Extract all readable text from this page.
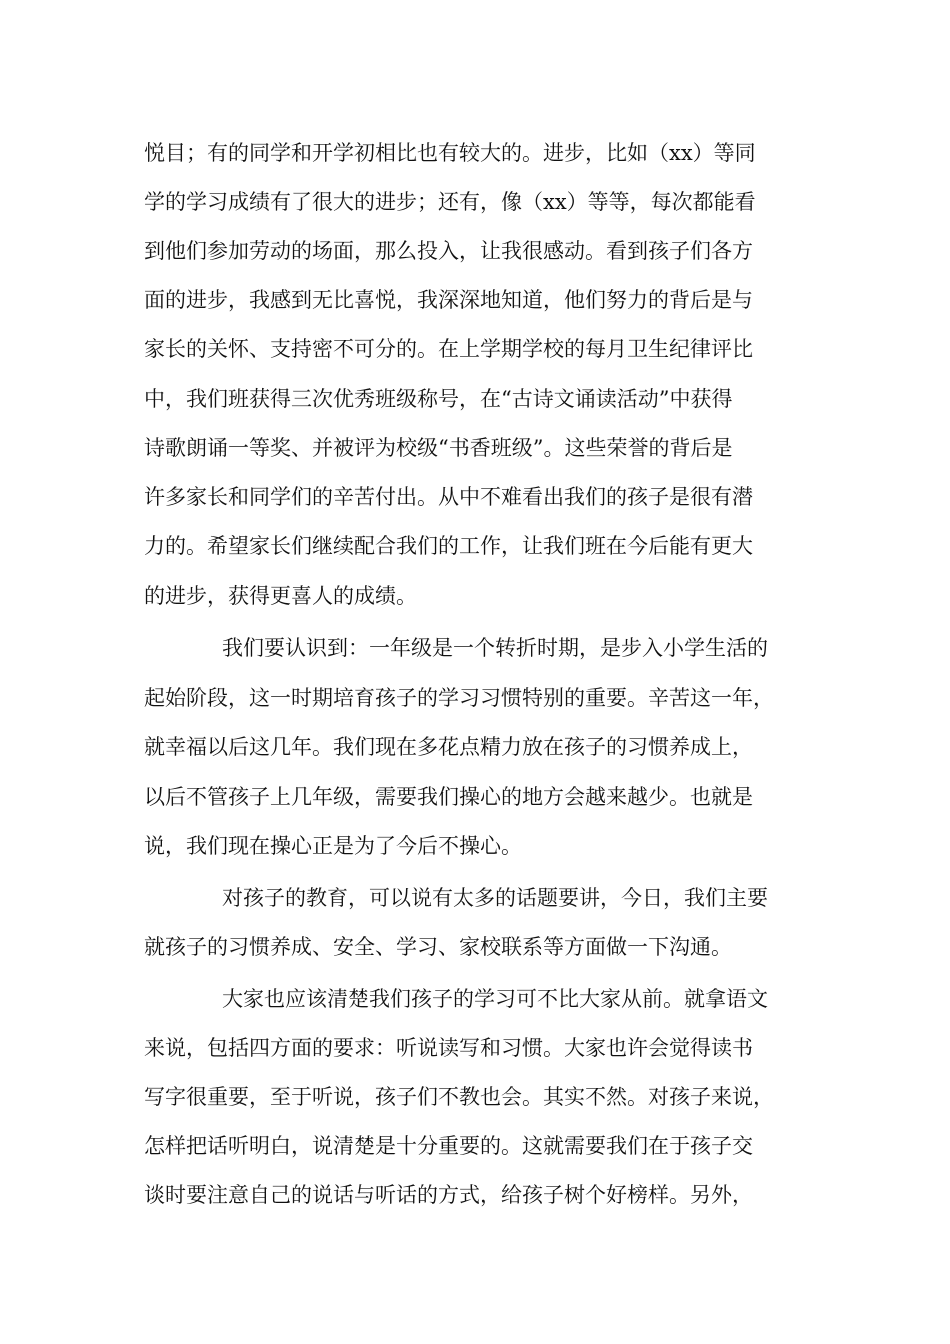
悦目；有的同学和开学初相比也有较大的。进步，比如（xx）等同
学的学习成绩有了很大的进步；还有，像（xx）等等，每次都能看
到他们参加劳动的场面，那么投入，让我很感动。看到孩子们各方
面的进步，我感到无比喜悦，我深深地知道，他们努力的背后是与
家长的关怀、支持密不可分的。在上学期学校的每月卫生纪律评比
中，我们班获得三次优秀班级称号，在“古诗文诵读活动”中获得
诗歌朗诵一等奖、并被评为校级“书香班级”。这些荣誉的背后是
许多家长和同学们的辛苦付出。从中不难看出我们的孩子是很有潜
力的。希望家长们继续配合我们的工作，让我们班在今后能有更大
的进步，获得更喜人的成绩。
我们要认识到：一年级是一个转折时期，是步入小学生活的
起始阶段，这一时期培育孩子的学习习惯特别的重要。辛苦这一年，
就幸福以后这几年。我们现在多花点精力放在孩子的习惯养成上，
以后不管孩子上几年级，需要我们操心的地方会越来越少。也就是
说，我们现在操心正是为了今后不操心。
对孩子的教育，可以说有太多的话题要讲，今日，我们主要
就孩子的习惯养成、安全、学习、家校联系等方面做一下沟通。
大家也应该清楚我们孩子的学习可不比大家从前。就拿语文
来说，包括四方面的要求：听说读写和习惯。大家也许会觉得读书
写字很重要，至于听说，孩子们不教也会。其实不然。对孩子来说，
怎样把话听明白，说清楚是十分重要的。这就需要我们在于孩子交
谈时要注意自己的说话与听话的方式，给孩子树个好榜样。另外，
